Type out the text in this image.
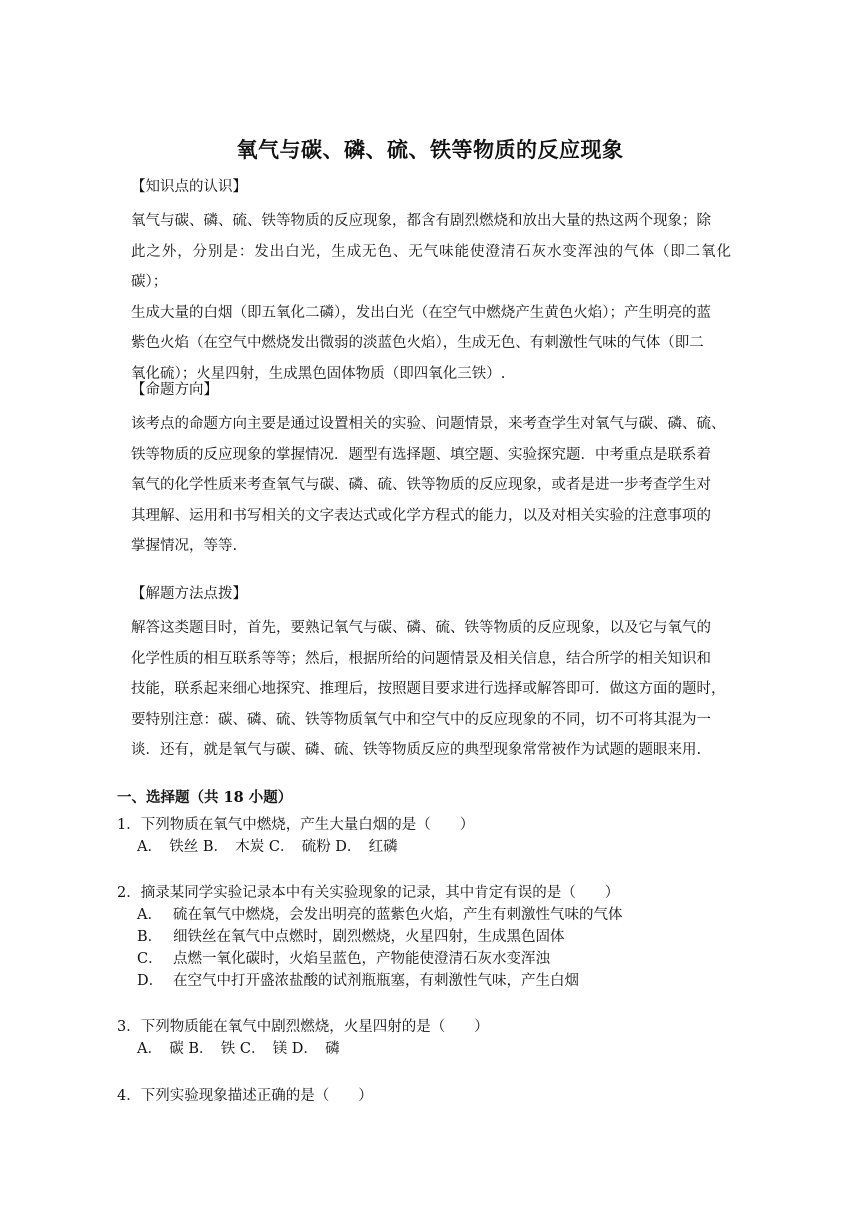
氧气与碳、磷、硫、铁等物质的反应现象
【知识点的认识】
氧气与碳、磷、硫、铁等物质的反应现象，都含有剧烈燃烧和放出大量的热这两个现象；除
此之外，分别是：发出白光，生成无色、无气味能使澄清石灰水变浑浊的气体（即二氧化碳）；
生成大量的白烟（即五氧化二磷），发出白光（在空气中燃烧产生黄色火焰）；产生明亮的蓝
紫色火焰（在空气中燃烧发出微弱的淡蓝色火焰），生成无色、有刺激性气味的气体（即二
氧化硫）；火星四射，生成黑色固体物质（即四氧化三铁）.
【命题方向】
该考点的命题方向主要是通过设置相关的实验、问题情景，来考查学生对氧气与碳、磷、硫、
铁等物质的反应现象的掌握情况．题型有选择题、填空题、实验探究题．中考重点是联系着
氧气的化学性质来考查氧气与碳、磷、硫、铁等物质的反应现象，或者是进一步考查学生对
其理解、运用和书写相关的文字表达式或化学方程式的能力，以及对相关实验的注意事项的
掌握情况，等等.
【解题方法点拨】
解答这类题目时，首先，要熟记氧气与碳、磷、硫、铁等物质的反应现象，以及它与氧气的
化学性质的相互联系等等；然后，根据所给的问题情景及相关信息，结合所学的相关知识和
技能，联系起来细心地探究、推理后，按照题目要求进行选择或解答即可．做这方面的题时，
要特别注意：碳、磷、硫、铁等物质氧气中和空气中的反应现象的不同，切不可将其混为一
谈．还有，就是氧气与碳、磷、硫、铁等物质反应的典型现象常常被作为试题的题眼来用.
一、选择题（共 18 小题）
1．下列物质在氧气中燃烧，产生大量白烟的是（　　）
A．　铁丝 B．　木炭 C．　硫粉 D．　红磷
2．摘录某同学实验记录本中有关实验现象的记录，其中肯定有误的是（　　）
A． 硫在氧气中燃烧，会发出明亮的蓝紫色火焰，产生有刺激性气味的气体
B． 细铁丝在氧气中点燃时，剧烈燃烧，火星四射，生成黑色固体
C． 点燃一氧化碳时，火焰呈蓝色，产物能使澄清石灰水变浑浊
D． 在空气中打开盛浓盐酸的试剂瓶瓶塞，有刺激性气味，产生白烟
3．下列物质能在氧气中剧烈燃烧，火星四射的是（　　）
A．　碳 B．　铁 C．　镁 D．　磷
4．下列实验现象描述正确的是（　　）
